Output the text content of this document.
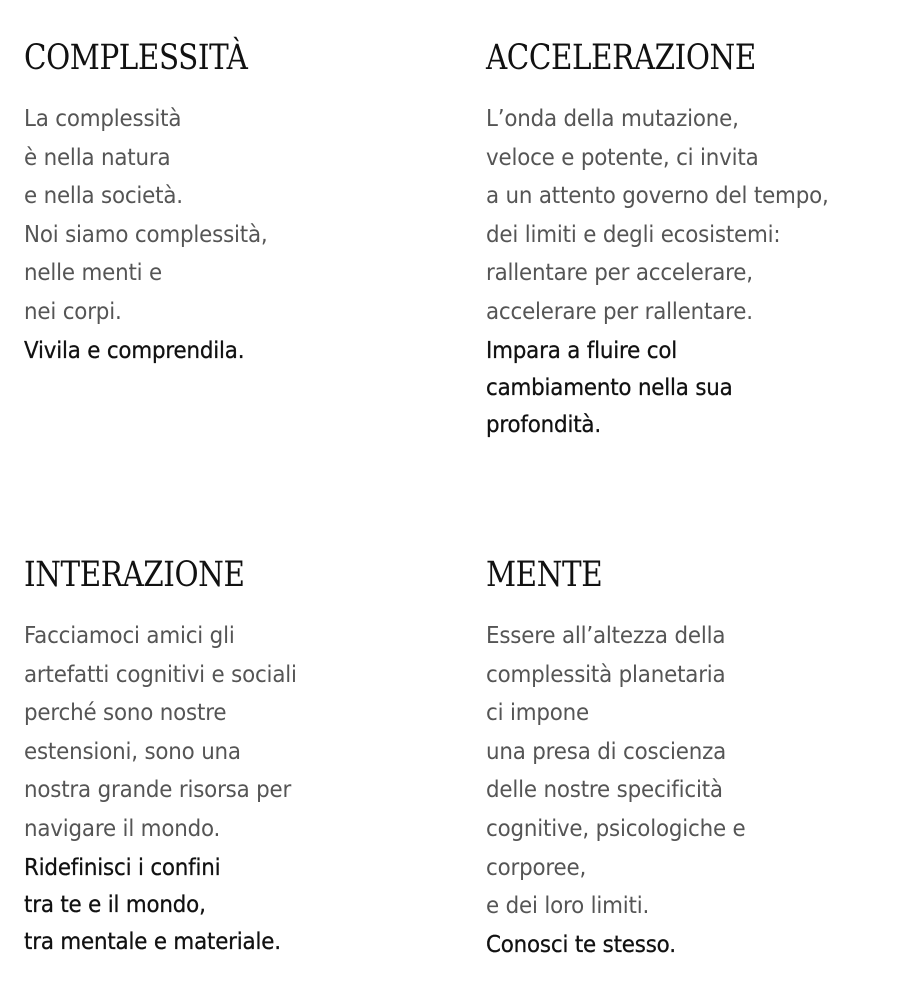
COMPLESSITÀ
La complessità
è nella natura
e nella società.
Noi siamo complessità,
nelle menti e
nei corpi.
Vivila e comprendila.
ACCELERAZIONE
L’onda della mutazione,
veloce e potente, ci invita
a un attento governo del tempo,
dei limiti e degli ecosistemi:
rallentare per accelerare,
accelerare per rallentare.
Impara a fluire col
cambiamento nella sua
profondità.
INTERAZIONE
Facciamoci amici gli
artefatti cognitivi e sociali
perché sono nostre
estensioni, sono una
nostra grande risorsa per
navigare il mondo.
Ridefinisci i confini
tra te e il mondo,
tra mentale e materiale.
MENTE
Essere all’altezza della
complessità planetaria
ci impone
una presa di coscienza
delle nostre specificità
cognitive, psicologiche e
corporee,
e dei loro limiti.
Conosci te stesso.
